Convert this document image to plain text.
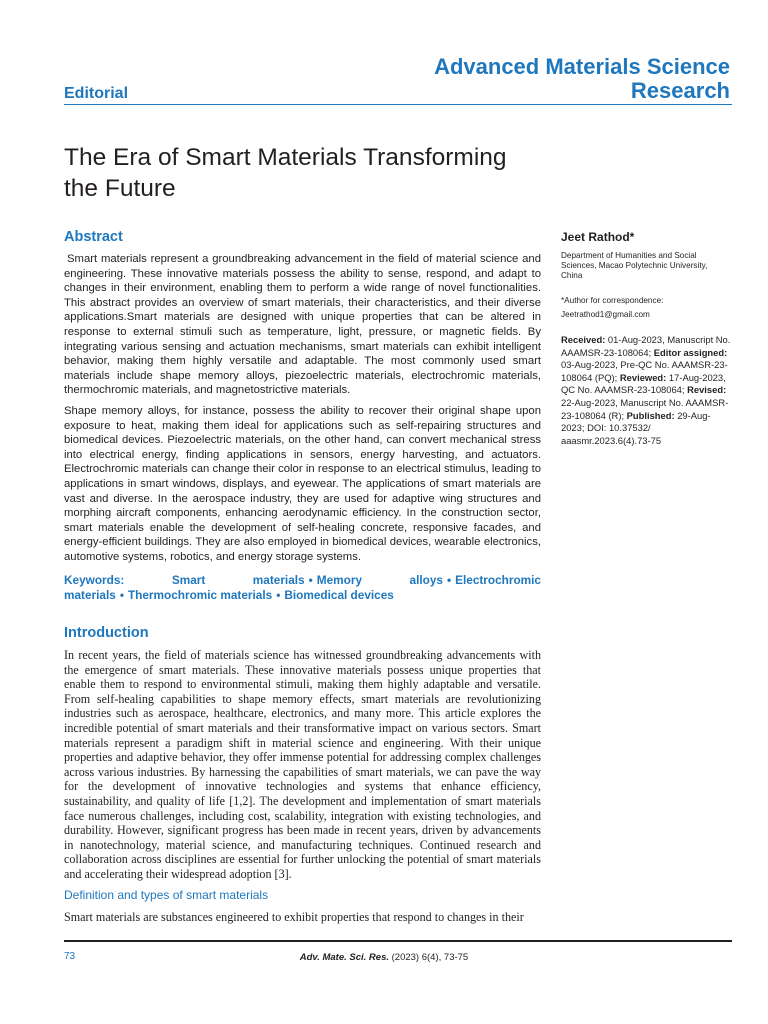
Advanced Materials Science
Research
Editorial
The Era of Smart Materials Transforming
the Future
Abstract

Smart materials represent a groundbreaking advancement in the field of material science and engineering. These innovative materials possess the ability to sense, respond, and adapt to changes in their environment, enabling them to perform a wide range of novel functionalities. This abstract provides an overview of smart materials, their characteristics, and their diverse applications.Smart materials are designed with unique properties that can be altered in response to external stimuli such as temperature, light, pressure, or magnetic fields. By integrating various sensing and actuation mechanisms, smart materials can exhibit intelligent behavior, making them highly versatile and adaptable. The most commonly used smart materials include shape memory alloys, piezoelectric materials, electrochromic materials, thermochromic materials, and magnetostrictive materials.

Shape memory alloys, for instance, possess the ability to recover their original shape upon exposure to heat, making them ideal for applications such as self-repairing structures and biomedical devices. Piezoelectric materials, on the other hand, can convert mechanical stress into electrical energy, finding applications in sensors, energy harvesting, and actuators. Electrochromic materials can change their color in response to an electrical stimulus, leading to applications in smart windows, displays, and eyewear. The applications of smart materials are vast and diverse. In the aerospace industry, they are used for adaptive wing structures and morphing aircraft components, enhancing aerodynamic efficiency. In the construction sector, smart materials enable the development of self-healing concrete, responsive facades, and energy-efficient buildings. They are also employed in biomedical devices, wearable electronics, automotive systems, robotics, and energy storage systems.

Keywords:	Smart materials • Memory alloys • Electrochromic materials • Thermochromic materials • Biomedical devices
Introduction

In recent years, the field of materials science has witnessed groundbreaking advancements with the emergence of smart materials. These innovative materials possess unique properties that enable them to respond to environmental stimuli, making them highly adaptable and versatile. From self-healing capabilities to shape memory effects, smart materials are revolutionizing industries such as aerospace, healthcare, electronics, and many more. This article explores the incredible potential of smart materials and their transformative impact on various sectors. Smart materials represent a paradigm shift in material science and engineering. With their unique properties and adaptive behavior, they offer immense potential for addressing complex challenges across various industries. By harnessing the capabilities of smart materials, we can pave the way for the development of innovative technologies and systems that enhance efficiency, sustainability, and quality of life [1,2]. The development and implementation of smart materials face numerous challenges, including cost, scalability, integration with existing technologies, and durability. However, significant progress has been made in recent years, driven by advancements in nanotechnology, material science, and manufacturing techniques. Continued research and collaboration across disciplines are essential for further unlocking the potential of smart materials and accelerating their widespread adoption [3].

Definition and types of smart materials

Smart materials are substances engineered to exhibit properties that respond to changes in their

Jeet Rathod*
Department of Humanities and Social Sciences, Macao Polytechnic University, China
*Author for correspondence:
Jeetrathod1@gmail.com
Received: 01-Aug-2023, Manuscript No. AAAMSR-23-108064; Editor assigned: 03-Aug-2023, Pre-QC No. AAAMSR-23-108064 (PQ); Reviewed: 17-Aug-2023, QC No. AAAMSR-23-108064; Revised: 22-Aug-2023, Manuscript No. AAAMSR-23-108064 (R); Published: 29-Aug-2023; DOI: 10.37532/ aaasmr.2023.6(4).73-75
73	Adv. Mate. Sci. Res. (2023) 6(4), 73-75
